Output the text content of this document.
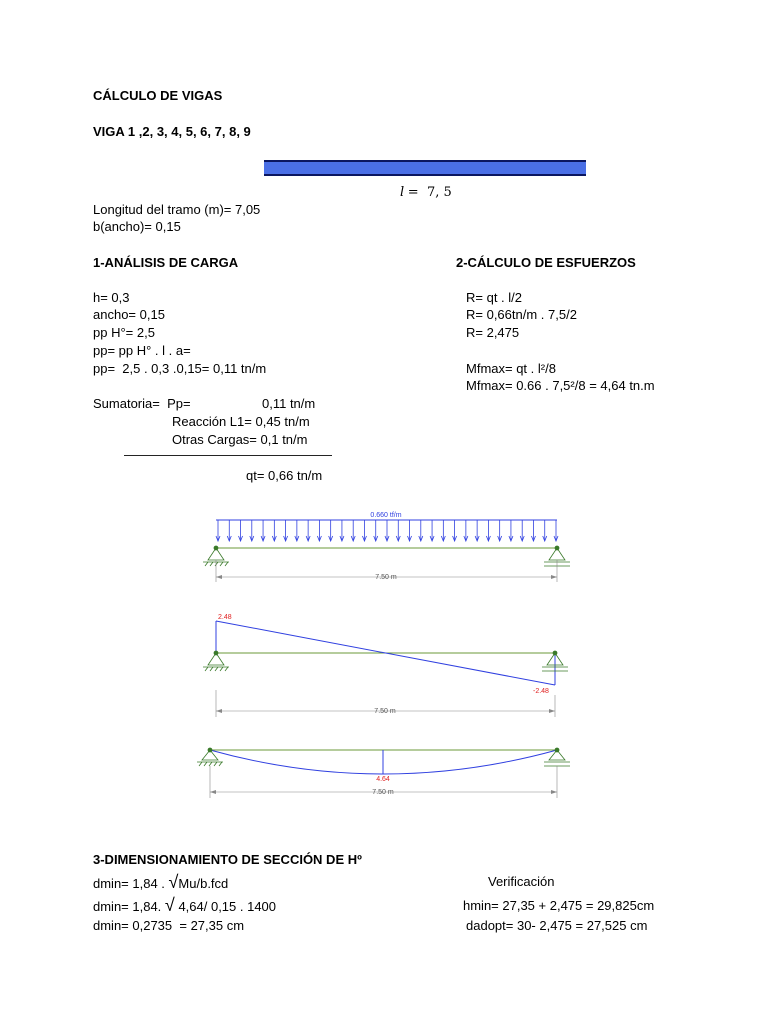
CÁLCULO DE VIGAS
VIGA 1 ,2, 3, 4, 5, 6, 7, 8, 9
l =  7, 5
Longitud del tramo (m)= 7,05
b(ancho)= 0,15
1-ANÁLISIS DE CARGA
h= 0,3
ancho= 0,15
pp H°= 2,5
pp= pp H° . l . a=
pp=  2,5 . 0,3 .0,15= 0,11 tn/m
Sumatoria=  Pp=	0,11 tn/m
Reacción L1= 0,45 tn/m
Otras Cargas= 0,1 tn/m
————————————————
qt= 0,66 tn/m
2-CÁLCULO DE ESFUERZOS
R= qt . l/2
R= 0,66tn/m . 7,5/2
R= 2,475
Mfmax= qt . l²/8
Mfmax= 0.66 . 7,5²/8 = 4,64 tn.m
0.660 tf/m
7.50 m
2.48
-2.48
7.50 m
4.64
7.50 m
3-DIMENSIONAMIENTO DE SECCIÓN DE Hº
dmin= 1,84 . √Mu/b.fcd
dmin= 1,84. √ 4,64/ 0,15 . 1400
dmin= 0,2735  = 27,35 cm
Verificación
hmin= 27,35 + 2,475 = 29,825cm
dadopt= 30- 2,475 = 27,525 cm
